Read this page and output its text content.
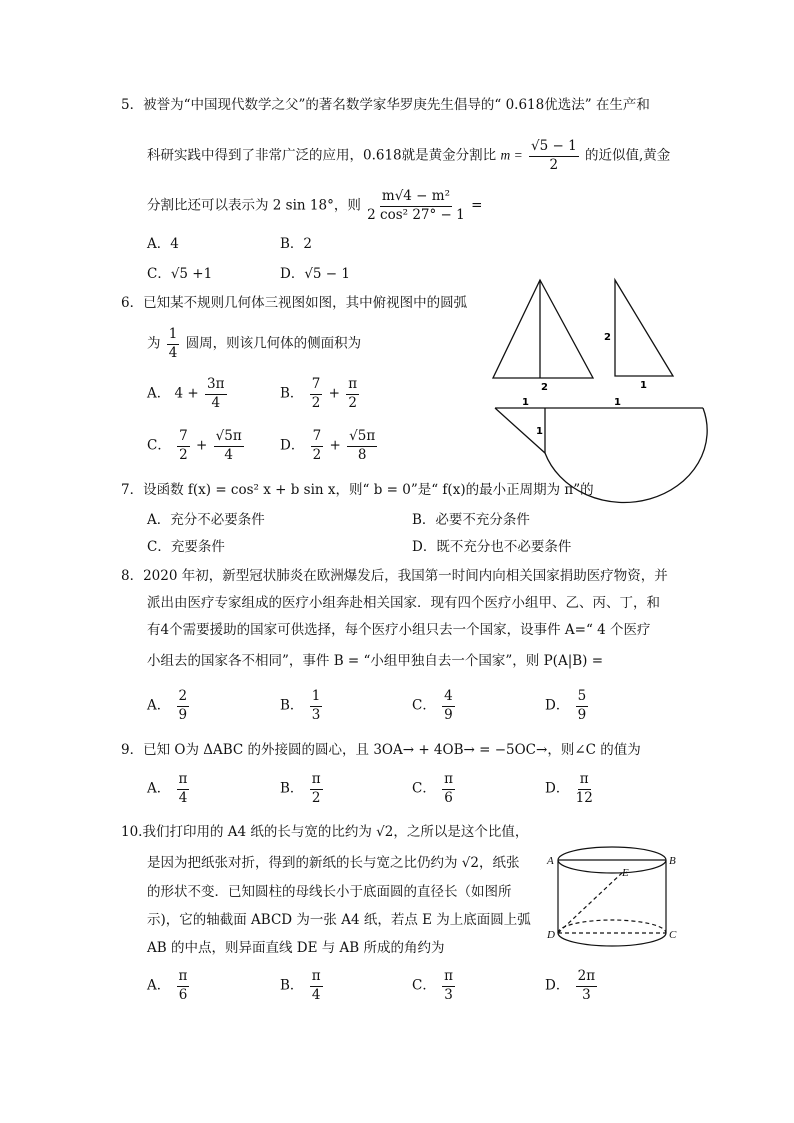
5．被誉为“中国现代数学之父”的著名数学家华罗庚先生倡导的“ 0.618优选法” 在生产和
科研实践中得到了非常广泛的应用，0.618就是黄金分割比 $m = \frac{√5 - 1}{2}$ 的近似值,黄金
分割比还可以表示为 2 sin 18°，则 $\frac{\text{m√4 − m²}}{\text{2 cos² 27° − 1}}$ =
A．4	B．2
C．√5 +1	D．√5 − 1
6．已知某不规则几何体三视图如图，其中俯视图中的圆弧
为 $\frac{1}{4}$ 圆周，则该几何体的侧面积为
A． $4 + \frac{3\pi}{4}$	B． $\frac{7}{2} + \frac{\pi}{2}$
C． $\frac{7}{2} + \frac{√5\pi}{4}$	D． $\frac{7}{2} + \frac{√5\pi}{8}$
2
2
1
1	1
1
7．设函数 f(x) = cos² x + b sin x，则“ b = 0”是“ f(x)的最小正周期为 π”的
A．充分不必要条件	B．必要不充分条件
C．充要条件	D．既不充分也不必要条件
8．2020 年初，新型冠状肺炎在欧洲爆发后，我国第一时间内向相关国家捐助医疗物资，并
派出由医疗专家组成的医疗小组奔赴相关国家．现有四个医疗小组甲、乙、丙、丁，和
有4个需要援助的国家可供选择，每个医疗小组只去一个国家，设事件 A=“ 4 个医疗
小组去的国家各不相同”，事件 B = “小组甲独自去一个国家”，则 P(A|B) =
A． $\frac{2}{9}$	B． $\frac{1}{3}$	C． $\frac{4}{9}$	D． $\frac{5}{9}$
9．已知 O为 ΔABC 的外接圆的圆心，且 3OA→ + 4OB→ = −5OC→，则∠C 的值为
A． $\frac{\pi}{4}$	B． $\frac{\pi}{2}$	C． $\frac{\pi}{6}$	D． $\frac{\pi}{12}$
10.我们打印用的 A4 纸的长与宽的比约为 √2，之所以是这个比值，
是因为把纸张对折，得到的新纸的长与宽之比仍约为 √2，纸张
的形状不变．已知圆柱的母线长小于底面圆的直径长（如图所
示)，它的轴截面 ABCD 为一张 A4 纸，若点 E 为上底面圆上弧
AB 的中点，则异面直线 DE 与 AB 所成的角约为
A． $\frac{\pi}{6}$	B． $\frac{\pi}{4}$	C． $\frac{\pi}{3}$	D． $\frac{2\pi}{3}$
A	B
C
D
E
